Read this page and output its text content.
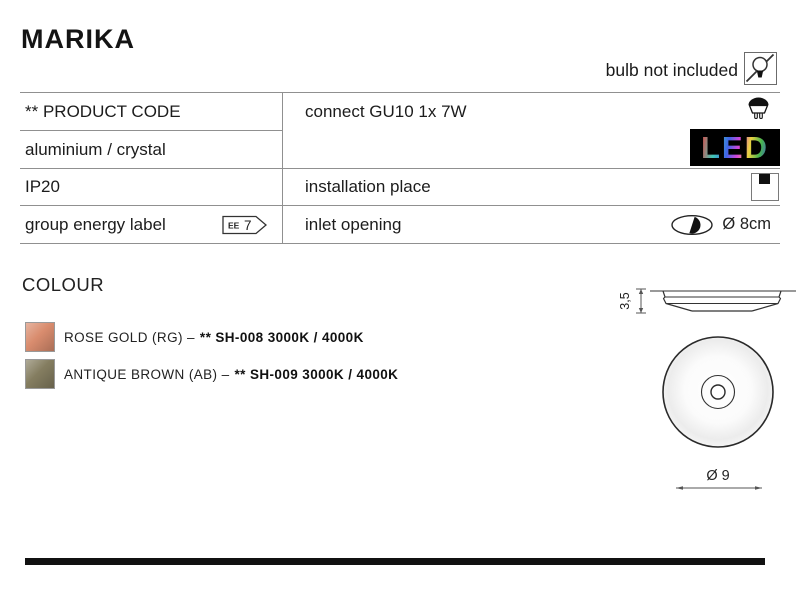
MARIKA
bulb not included
** PRODUCT CODE	connect GU10 1x 7W
LED
aluminium / crystal
IP20	installation place
group energy label	EE 7	inlet opening	Ø 8cm
COLOUR
ROSE GOLD (RG) – ** SH-008 3000K / 4000K
ANTIQUE BROWN (AB) – ** SH-009 3000K / 4000K
3,5
Ø 9
